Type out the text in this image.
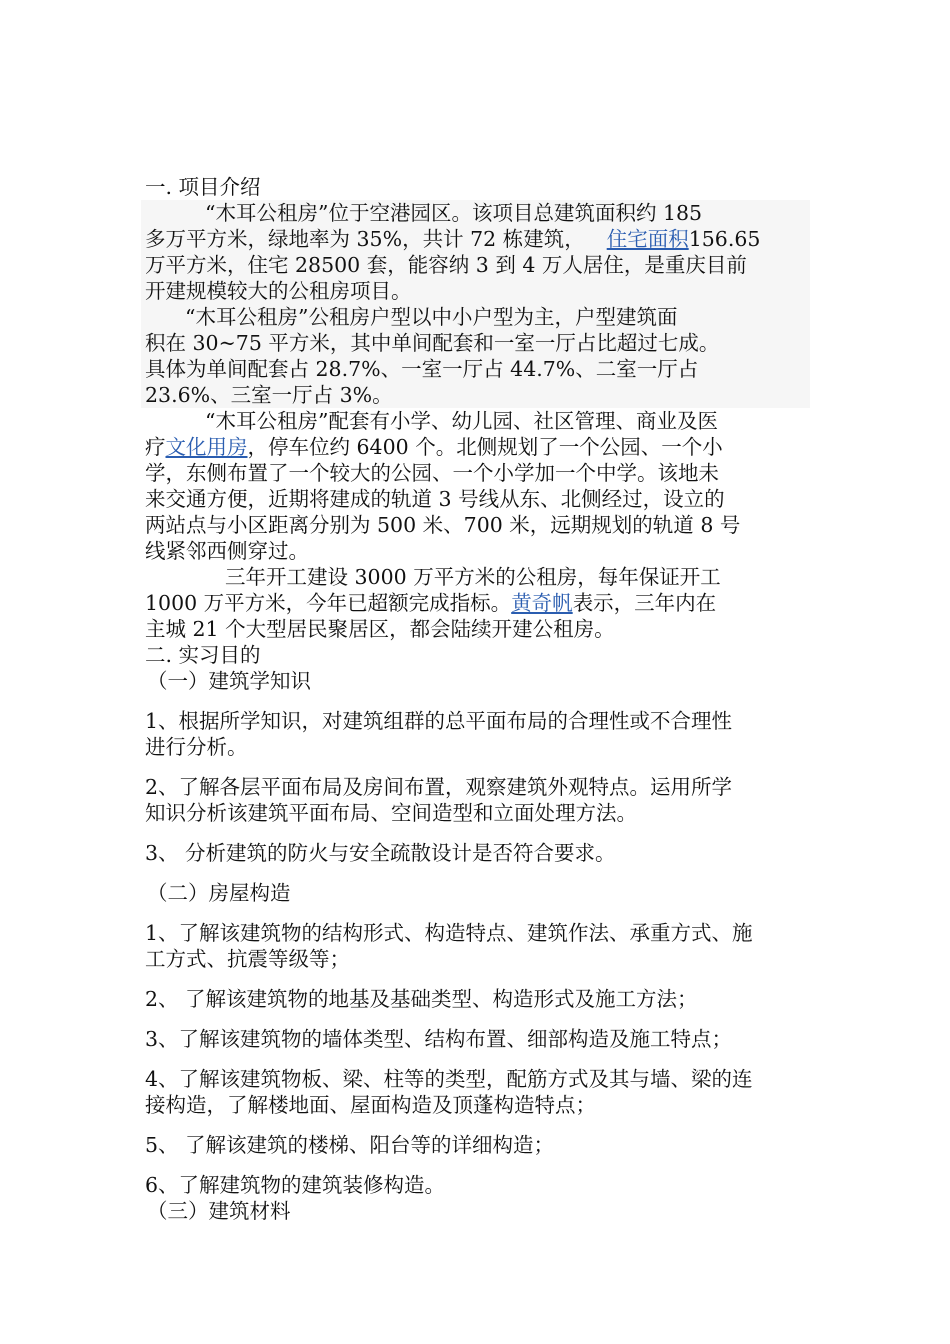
一. 项目介绍
“木耳公租房”位于空港园区。该项目总建筑面积约 185
多万平方米，绿地率为 35%，共计 72 栋建筑， 住宅面积156.65
万平方米，住宅 28500 套，能容纳 3 到 4 万人居住，是重庆目前
开建规模较大的公租房项目。
“木耳公租房”公租房户型以中小户型为主，户型建筑面
积在 30~75 平方米，其中单间配套和一室一厅占比超过七成。
具体为单间配套占 28.7%、一室一厅占 44.7%、二室一厅占
23.6%、三室一厅占 3%。
“木耳公租房”配套有小学、幼儿园、社区管理、商业及医
疗文化用房，停车位约 6400 个。北侧规划了一个公园、一个小
学，东侧布置了一个较大的公园、一个小学加一个中学。该地未
来交通方便，近期将建成的轨道 3 号线从东、北侧经过，设立的
两站点与小区距离分别为 500 米、700 米，远期规划的轨道 8 号
线紧邻西侧穿过。
三年开工建设 3000 万平方米的公租房，每年保证开工
1000 万平方米，今年已超额完成指标。黄奇帆表示，三年内在
主城 21 个大型居民聚居区，都会陆续开建公租房。
二. 实习目的
（一）建筑学知识
1、根据所学知识，对建筑组群的总平面布局的合理性或不合理性
进行分析。
2、了解各层平面布局及房间布置，观察建筑外观特点。运用所学
知识分析该建筑平面布局、空间造型和立面处理方法。
3、 分析建筑的防火与安全疏散设计是否符合要求。
（二）房屋构造
1、了解该建筑物的结构形式、构造特点、建筑作法、承重方式、施
工方式、抗震等级等；
2、 了解该建筑物的地基及基础类型、构造形式及施工方法；
3、了解该建筑物的墙体类型、结构布置、细部构造及施工特点；
4、了解该建筑物板、梁、柱等的类型，配筋方式及其与墙、梁的连
接构造，了解楼地面、屋面构造及顶蓬构造特点；
5、 了解该建筑的楼梯、阳台等的详细构造；
6、了解建筑物的建筑装修构造。
（三）建筑材料
